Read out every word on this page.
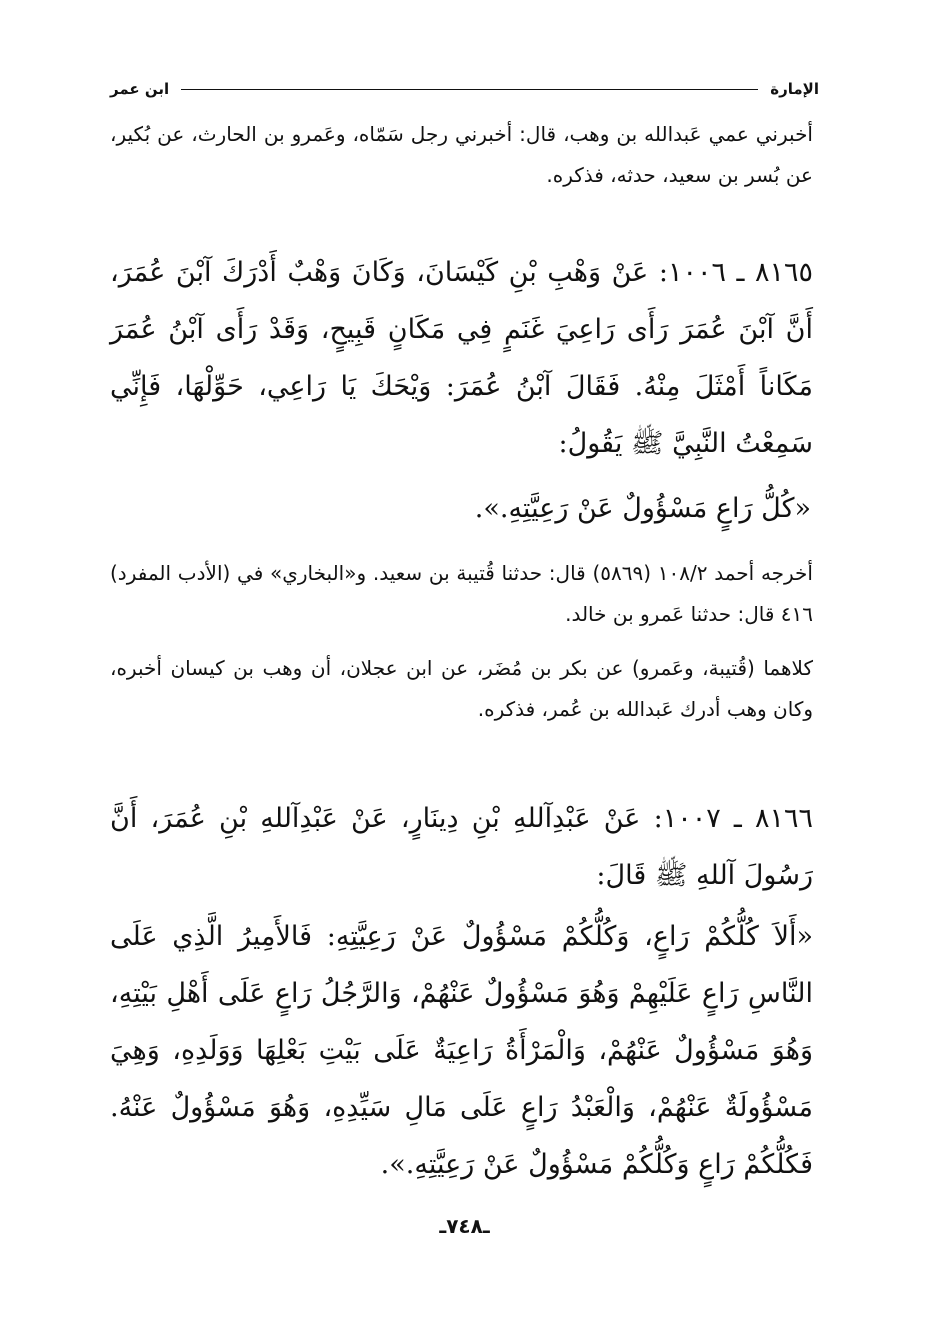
الإمارة
ابن عمر
أخبرني عمي عَبدالله بن وهب، قال: أخبرني رجل سَمّاه، وعَمرو بن الحارث، عن بُكير، عن بُسر بن سعيد، حدثه، فذكره.
٨١٦٥ ـ ١٠٠٦: عَنْ وَهْبِ بْنِ كَيْسَانَ، وَكَانَ وَهْبٌ أَدْرَكَ آبْنَ عُمَرَ، أَنَّ آبْنَ عُمَرَ رَأَى رَاعِيَ غَنَمٍ فِي مَكَانٍ قَبِيحٍ، وَقَدْ رَأَى آبْنُ عُمَرَ مَكَاناً أَمْثَلَ مِنْهُ. فَقَالَ آبْنُ عُمَرَ: وَيْحَكَ يَا رَاعِي، حَوِّلْهَا، فَإِنِّي سَمِعْتُ النَّبِيَّ ﷺ يَقُولُ:
«كُلُّ رَاعٍ مَسْؤُولٌ عَنْ رَعِيَّتِهِ.».
أخرجه أحمد ١٠٨/٢ (٥٨٦٩) قال: حدثنا قُتيبة بن سعيد. و«البخاري» في (الأدب المفرد) ٤١٦ قال: حدثنا عَمرو بن خالد.
كلاهما (قُتيبة، وعَمرو) عن بكر بن مُضَر، عن ابن عجلان، أن وهب بن كيسان أخبره، وكان وهب أدرك عَبدالله بن عُمر، فذكره.
٨١٦٦ ـ ١٠٠٧: عَنْ عَبْدِآللهِ بْنِ دِينَارٍ، عَنْ عَبْدِآللهِ بْنِ عُمَرَ، أَنَّ رَسُولَ آللهِ ﷺ قَالَ:
«أَلاَ كُلُّكُمْ رَاعٍ، وَكُلُّكُمْ مَسْؤُولٌ عَنْ رَعِيَّتِهِ: فَالأَمِيرُ الَّذِي عَلَى النَّاسِ رَاعٍ عَلَيْهِمْ وَهُوَ مَسْؤُولٌ عَنْهُمْ، وَالرَّجُلُ رَاعٍ عَلَى أَهْلِ بَيْتِهِ، وَهُوَ مَسْؤُولٌ عَنْهُمْ، وَالْمَرْأَةُ رَاعِيَةٌ عَلَى بَيْتِ بَعْلِهَا وَوَلَدِهِ، وَهِيَ مَسْؤُولَةٌ عَنْهُمْ، وَالْعَبْدُ رَاعٍ عَلَى مَالِ سَيِّدِهِ، وَهُوَ مَسْؤُولٌ عَنْهُ. فَكُلُّكُمْ رَاعٍ وَكُلُّكُمْ مَسْؤُولٌ عَنْ رَعِيَّتِهِ.».
ـ٧٤٨ـ
